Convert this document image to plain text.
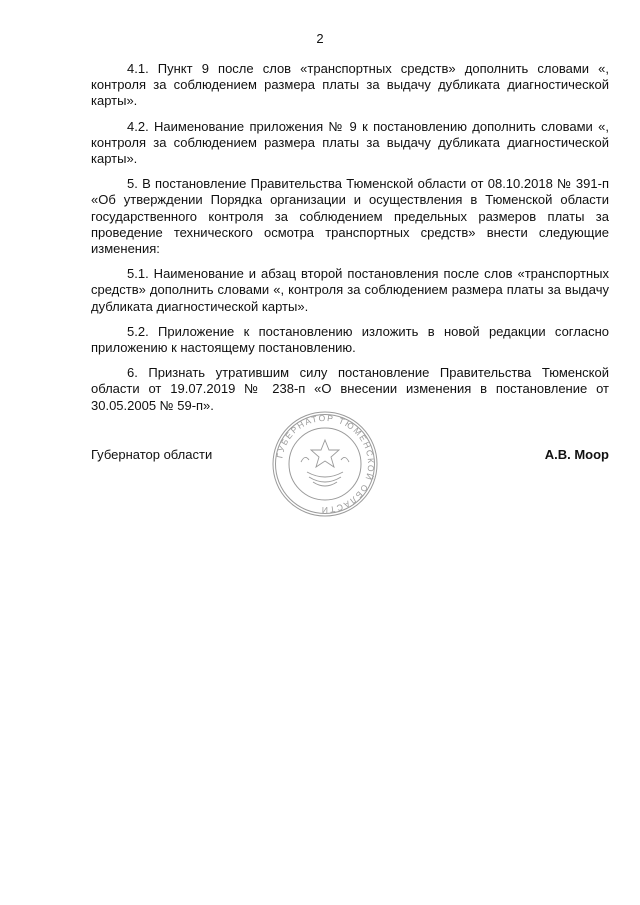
2

4.1. Пункт 9 после слов «транспортных средств» дополнить словами «, контроля за соблюдением размера платы за выдачу дубликата диагностической карты».

4.2. Наименование приложения № 9 к постановлению дополнить словами «, контроля за соблюдением размера платы за выдачу дубликата диагностической карты».

5. В постановление Правительства Тюменской области от 08.10.2018 № 391-п «Об утверждении Порядка организации и осуществления в Тюменской области государственного контроля за соблюдением предельных размеров платы за проведение технического осмотра транспортных средств» внести следующие изменения:

5.1. Наименование и абзац второй постановления после слов «транспортных средств» дополнить словами «, контроля за соблюдением размера платы за выдачу дубликата диагностической карты».

5.2. Приложение к постановлению изложить в новой редакции согласно приложению к настоящему постановлению.

6. Признать утратившим силу постановление Правительства Тюменской области от 19.07.2019 № 238-п «О внесении изменения в постановление от 30.05.2005 № 59-п».

Губернатор области	А.В. Моор
ГУБЕРНАТОР ТЮМЕНСКОЙ ОБЛАСТИ
